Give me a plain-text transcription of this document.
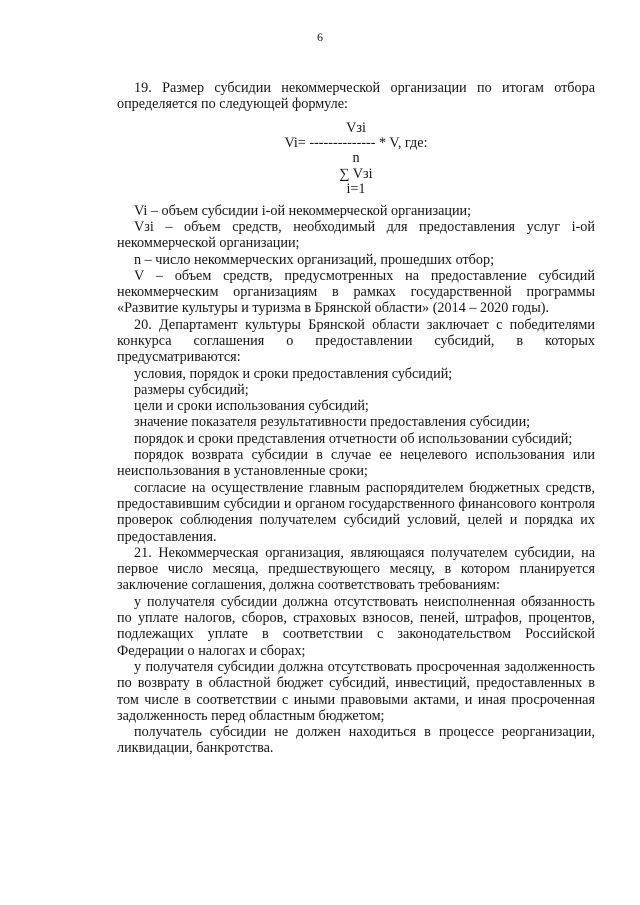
6

19. Размер субсидии некоммерческой организации по итогам отбора определяется по следующей формуле:

Vзi
Vi= -------------- * V, где:
n
∑ Vзi
i=1

Vi – объем субсидии i-ой некоммерческой организации;

Vзi – объем средств, необходимый для предоставления услуг i-ой некоммерческой организации;

n – число некоммерческих организаций, прошедших отбор;

V – объем средств, предусмотренных на предоставление субсидий некоммерческим организациям в рамках государственной программы «Развитие культуры и туризма в Брянской области» (2014 – 2020 годы).

20. Департамент культуры Брянской области заключает с победителями конкурса соглашения о предоставлении субсидий, в которых предусматриваются:

условия, порядок и сроки предоставления субсидий;

размеры субсидий;

цели и сроки использования субсидий;

значение показателя результативности предоставления субсидии;

порядок и сроки представления отчетности об использовании субсидий;

порядок возврата субсидии в случае ее нецелевого использования или неиспользования в установленные сроки;

согласие на осуществление главным распорядителем бюджетных средств, предоставившим субсидии и органом государственного финансового контроля проверок соблюдения получателем субсидий условий, целей и порядка их предоставления.

21. Некоммерческая организация, являющаяся получателем субсидии, на первое число месяца, предшествующего месяцу, в котором планируется заключение соглашения, должна соответствовать требованиям:

у получателя субсидии должна отсутствовать неисполненная обязанность по уплате налогов, сборов, страховых взносов, пеней, штрафов, процентов, подлежащих уплате в соответствии с законодательством Российской Федерации о налогах и сборах;

у получателя субсидии должна отсутствовать просроченная задолженность по возврату в областной бюджет субсидий, инвестиций, предоставленных в том числе в соответствии с иными правовыми актами, и иная просроченная задолженность перед областным бюджетом;

получатель субсидии не должен находиться в процессе реорганизации, ликвидации, банкротства.
